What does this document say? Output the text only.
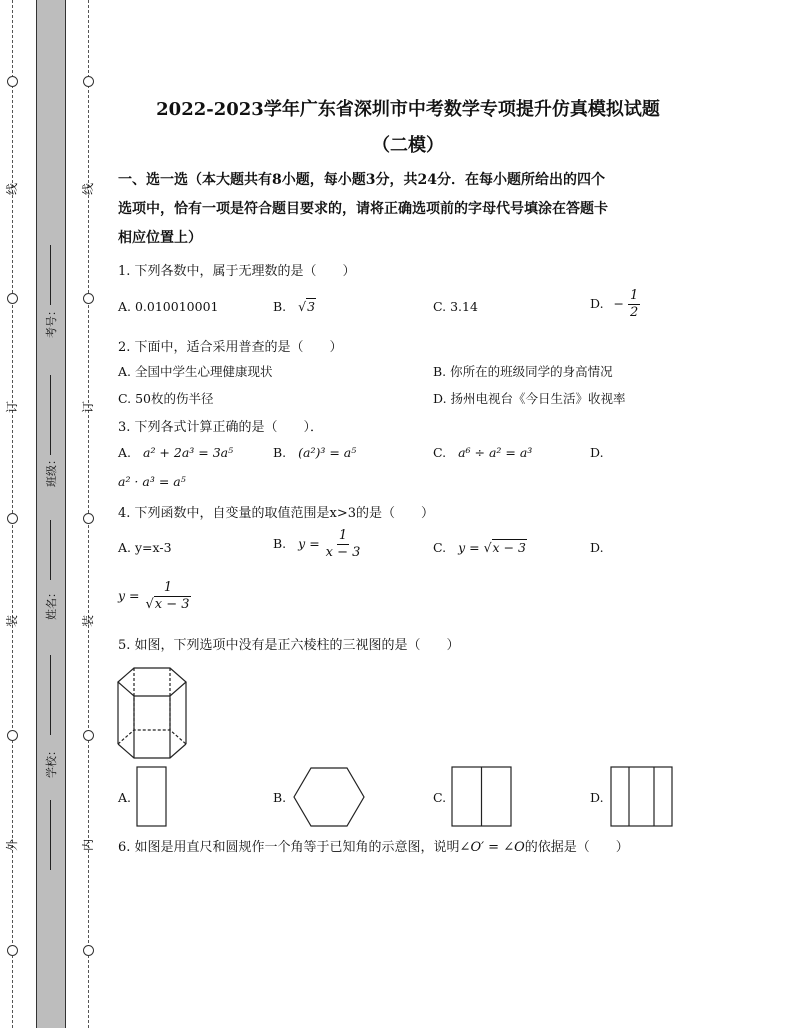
线
订
装
外
线
订
装
内
考号：
班级：
姓名：
学校：
2022-2023学年广东省深圳市中考数学专项提升仿真模拟试题
（二模）
一、选一选（本大题共有8小题，每小题3分，共24分．在每小题所给出的四个
选项中，恰有一项是符合题目要求的，请将正确选项前的字母代号填涂在答题卡
相应位置上）
1. 下列各数中，属于无理数的是（　　）
A. 0.010010001	B. √3	C. 3.14	D. − $\frac{1}{2}$
2. 下面中，适合采用普查的是（　　）
A. 全国中学生心理健康现状	B. 你所在的班级同学的身高情况
C. 50枚的伤半径	D. 扬州电视台《今日生活》收视率
3. 下列各式计算正确的是（　　）．
A. a² + 2a³ = 3a⁵	B. (a²)³ = a⁵	C. a⁶ ÷ a² = a³	D.
a² · a³ = a⁵
4. 下列函数中，自变量的取值范围是x>3的是（　　）
A. y=x-3	B. $y = \frac{1}{x - 3}$	C. y = √x − 3	D.
$y = \frac{1}{√x - 3}$
5. 如图，下列选项中没有是正六棱柱的三视图的是（　　）
A.	B.	C.	D.
6. 如图是用直尺和圆规作一个角等于已知角的示意图，说明∠O′ = ∠O的依据是（　　）
